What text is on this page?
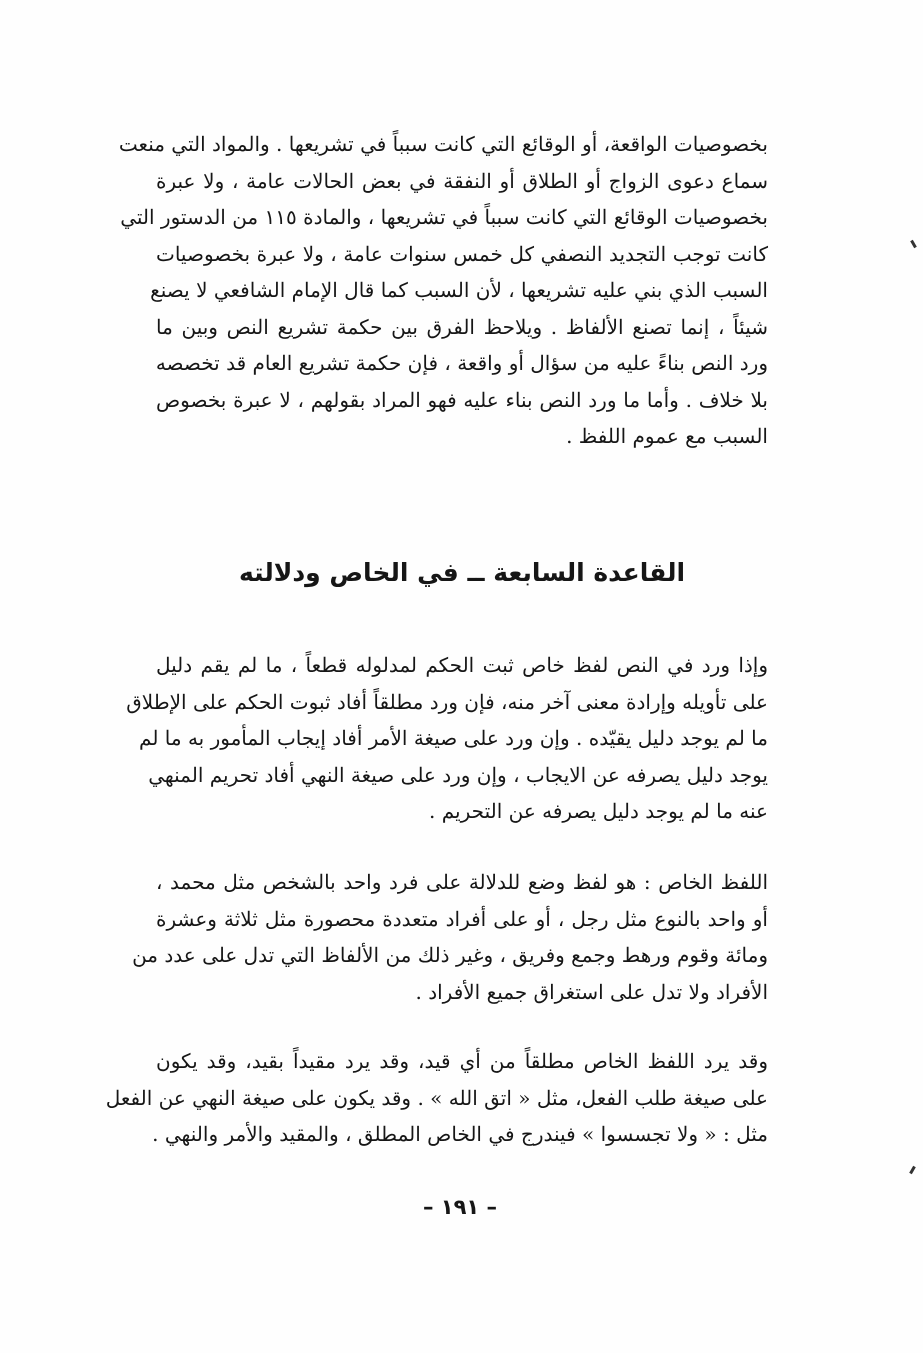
بخصوصيات الواقعة، أو الوقائع التي كانت سبباً في تشريعها . والمواد التي منعت
سماع دعوى الزواج أو الطلاق أو النفقة في بعض الحالات عامة ، ولا عبرة
بخصوصيات الوقائع التي كانت سبباً في تشريعها ، والمادة ١١٥ من الدستور التي
كانت توجب التجديد النصفي كل خمس سنوات عامة ، ولا عبرة بخصوصيات
السبب الذي بني عليه تشريعها ، لأن السبب كما قال الإمام الشافعي لا يصنع
شيئاً ، إنما تصنع الألفاظ . ويلاحظ الفرق بين حكمة تشريع النص وبين ما
ورد النص بناءً عليه من سؤال أو واقعة ، فإن حكمة تشريع العام قد تخصصه
بلا خلاف . وأما ما ورد النص بناء عليه فهو المراد بقولهم ، لا عبرة بخصوص
السبب مع عموم اللفظ .
القاعدة السابعة ــ في الخاص ودلالته
وإذا ورد في النص لفظ خاص ثبت الحكم لمدلوله قطعاً ، ما لم يقم دليل
على تأويله وإرادة معنى آخر منه، فإن ورد مطلقاً أفاد ثبوت الحكم على الإطلاق
ما لم يوجد دليل يقيّده . وإن ورد على صيغة الأمر أفاد إيجاب المأمور به ما لم
يوجد دليل يصرفه عن الايجاب ، وإن ورد على صيغة النهي أفاد تحريم المنهي
عنه ما لم يوجد دليل يصرفه عن التحريم .
اللفظ الخاص : هو لفظ وضع للدلالة على فرد واحد بالشخص مثل محمد ،
أو واحد بالنوع مثل رجل ، أو على أفراد متعددة محصورة مثل ثلاثة وعشرة
ومائة وقوم ورهط وجمع وفريق ، وغير ذلك من الألفاظ التي تدل على عدد من
الأفراد ولا تدل على استغراق جميع الأفراد .
وقد يرد اللفظ الخاص مطلقاً من أي قيد، وقد يرد مقيداً بقيد، وقد يكون
على صيغة طلب الفعل، مثل « اتق الله » . وقد يكون على صيغة النهي عن الفعل
مثل : « ولا تجسسوا » فيندرج في الخاص المطلق ، والمقيد والأمر والنهي .
– ١٩١ –
